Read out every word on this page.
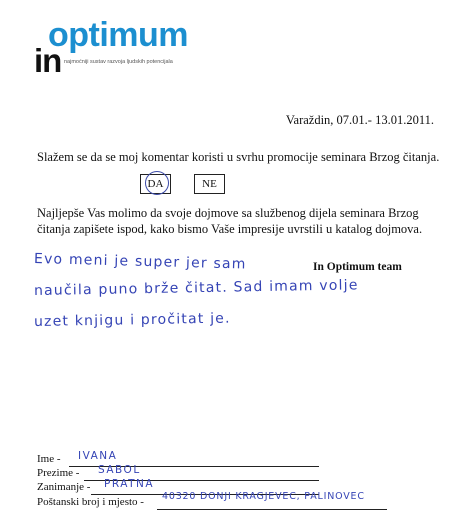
in
optimum
najmoćniji sustav razvoja ljudskih potencijala
Varaždin, 07.01.- 13.01.2011.
Slažem se da se moj komentar koristi u svrhu promocije seminara Brzog čitanja.
DA	NE
Najljepše Vas molimo da svoje dojmove sa službenog dijela seminara Brzog čitanja zapišete ispod, kako bismo Vaše impresije uvrstili u katalog dojmova.
In Optimum team
Evo meni je super jer sam
naučila puno brže čitat. Sad imam volje
uzet knjigu i pročitat je.
Ime - IVANA
Prezime - SABOL
Zanimanje - PRATNA
Poštanski broj i mjesto - 40320 DONJI KRAGJEVEC, PALINOVEC
